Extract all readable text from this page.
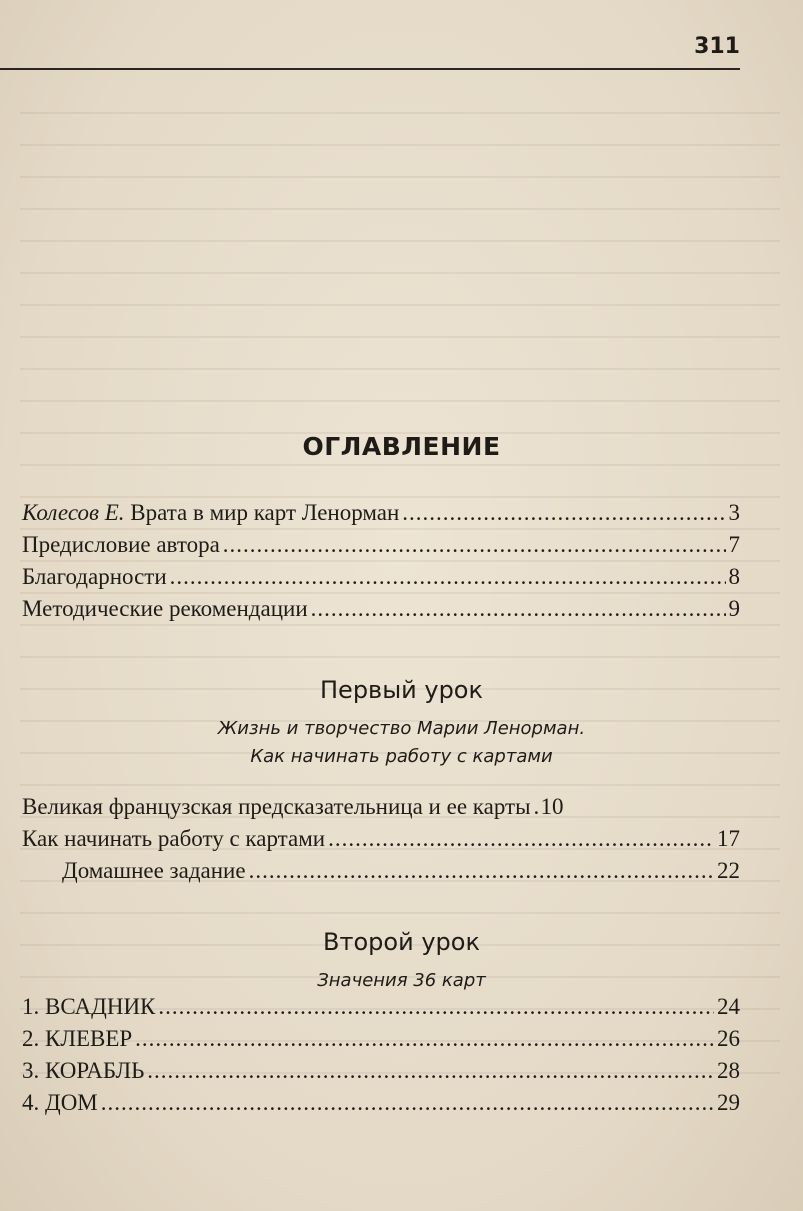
311
ОГЛАВЛЕНИЕ
Колесов Е. Врата в мир карт Ленорман .....	3
Предисловие автора .....	7
Благодарности .....	8
Методические рекомендации .....	9
Первый урок
Жизнь и творчество Марии Ленорман.
Как начинать работу с картами
Великая французская предсказательница и ее карты ..... 10
Как начинать работу с картами .....	17
Домашнее задание .....	22
Второй урок
Значения 36 карт
1. ВСАДНИК .....	24
2. КЛЕВЕР .....	26
3. КОРАБЛЬ .....	28
4. ДОМ .....	29
